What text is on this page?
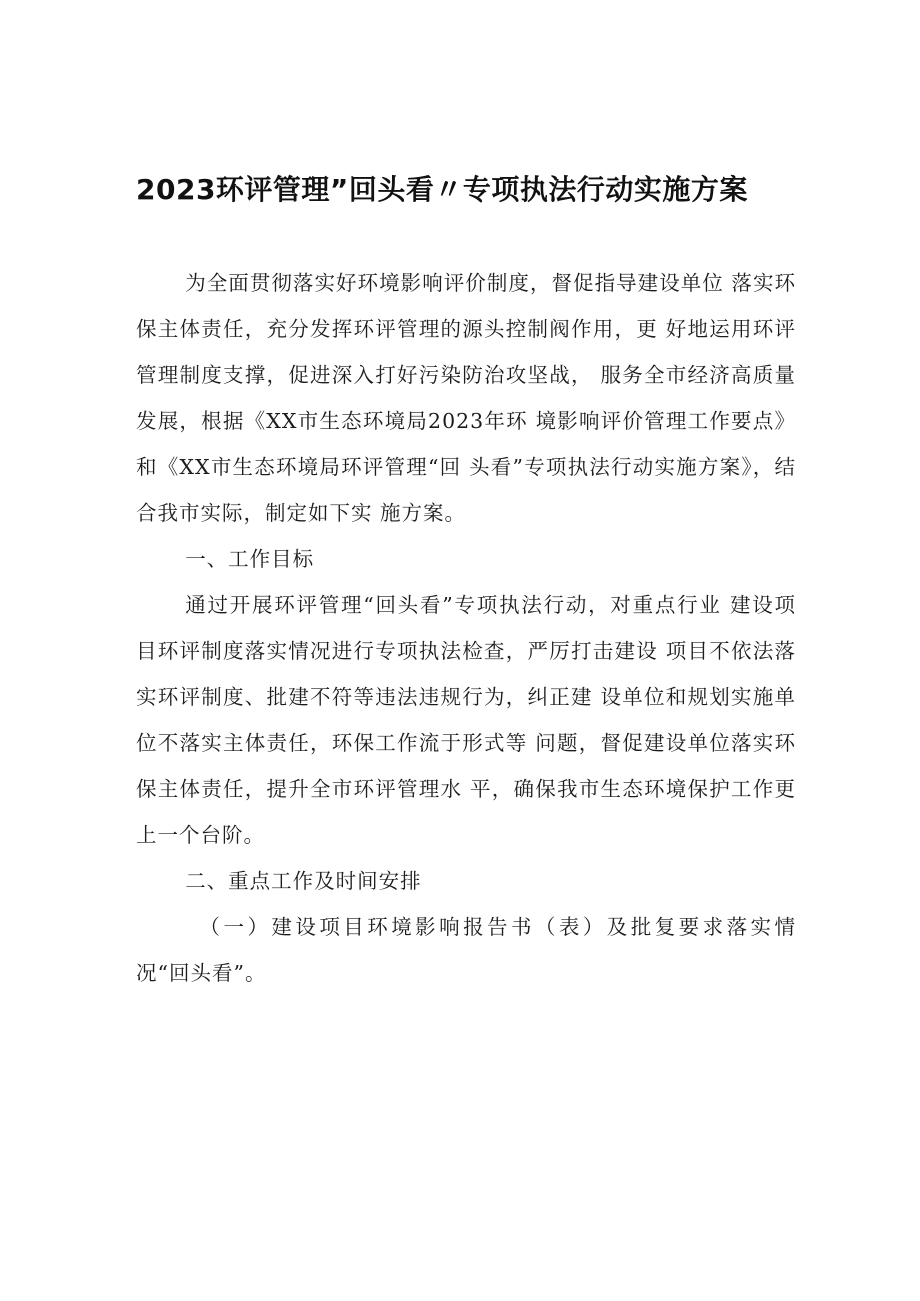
2023环评管理”回头看〃专项执法行动实施方案

为全面贯彻落实好环境影响评价制度，督促指导建设单位 落实环保主体责任，充分发挥环评管理的源头控制阀作用，更 好地运用环评管理制度支撑，促进深入打好污染防治攻坚战， 服务全市经济高质量发展，根据《XX市生态环境局2023年环 境影响评价管理工作要点》和《XX市生态环境局环评管理“回 头看”专项执法行动实施方案》，结合我市实际，制定如下实 施方案。

一、工作目标

通过开展环评管理“回头看”专项执法行动，对重点行业 建设项目环评制度落实情况进行专项执法检查，严厉打击建设 项目不依法落实环评制度、批建不符等违法违规行为，纠正建 设单位和规划实施单位不落实主体责任，环保工作流于形式等 问题，督促建设单位落实环保主体责任，提升全市环评管理水 平，确保我市生态环境保护工作更上一个台阶。

二、重点工作及时间安排

（一）建设项目环境影响报告书（表）及批复要求落实情 况“回头看”。
